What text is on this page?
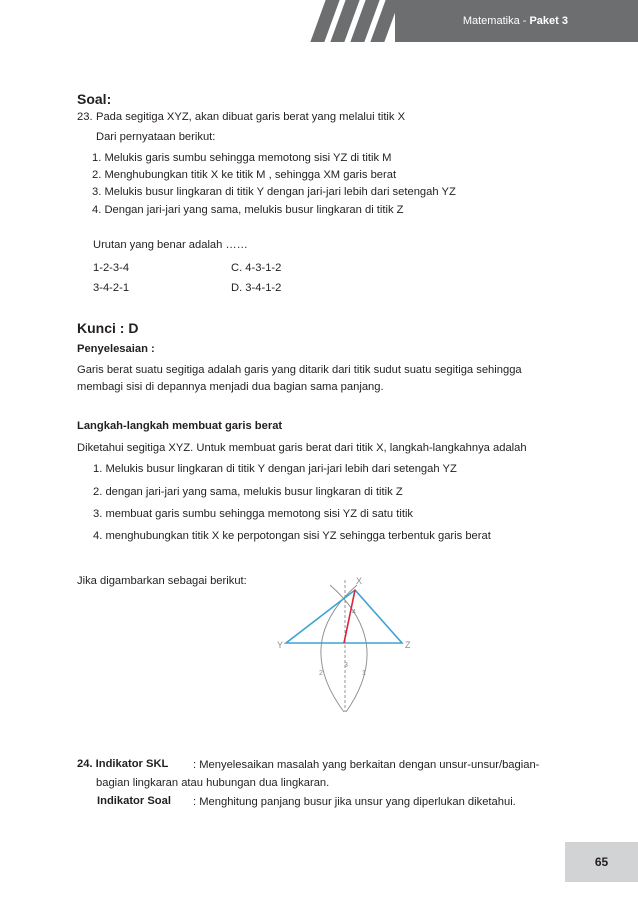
Matematika - Paket 3
Soal:
23. Pada segitiga XYZ, akan dibuat garis berat yang melalui titik X
Dari pernyataan berikut:
1. Melukis garis sumbu sehingga memotong sisi YZ di titik M
2. Menghubungkan titik X ke titik M , sehingga XM garis berat
3. Melukis busur lingkaran di titik Y dengan jari-jari lebih dari setengah YZ
4. Dengan jari-jari yang sama, melukis busur lingkaran di titik Z
Urutan yang benar adalah ……
1-2-3-4	C. 4-3-1-2
3-4-2-1	D. 3-4-1-2
Kunci : D
Penyelesaian :
Garis berat suatu segitiga adalah garis yang ditarik dari titik sudut suatu segitiga sehingga membagi sisi di depannya menjadi dua bagian sama panjang.
Langkah-langkah membuat garis berat
Diketahui segitiga XYZ. Untuk membuat garis berat dari titik X, langkah-langkahnya adalah
1. Melukis busur lingkaran di titik Y dengan jari-jari lebih dari setengah YZ
2. dengan jari-jari yang sama, melukis busur lingkaran di titik Z
3. membuat garis sumbu sehingga memotong sisi YZ di satu titik
4. menghubungkan titik X ke perpotongan sisi YZ sehingga terbentuk garis berat
Jika digambarkan sebagai berikut:	X
Y	Z
4
3
2	1
24. Indikator SKL : Menyelesaikan masalah yang berkaitan dengan unsur-unsur/bagian-
bagian lingkaran atau hubungan dua lingkaran.
Indikator Soal : Menghitung panjang busur jika unsur yang diperlukan diketahui.
65
